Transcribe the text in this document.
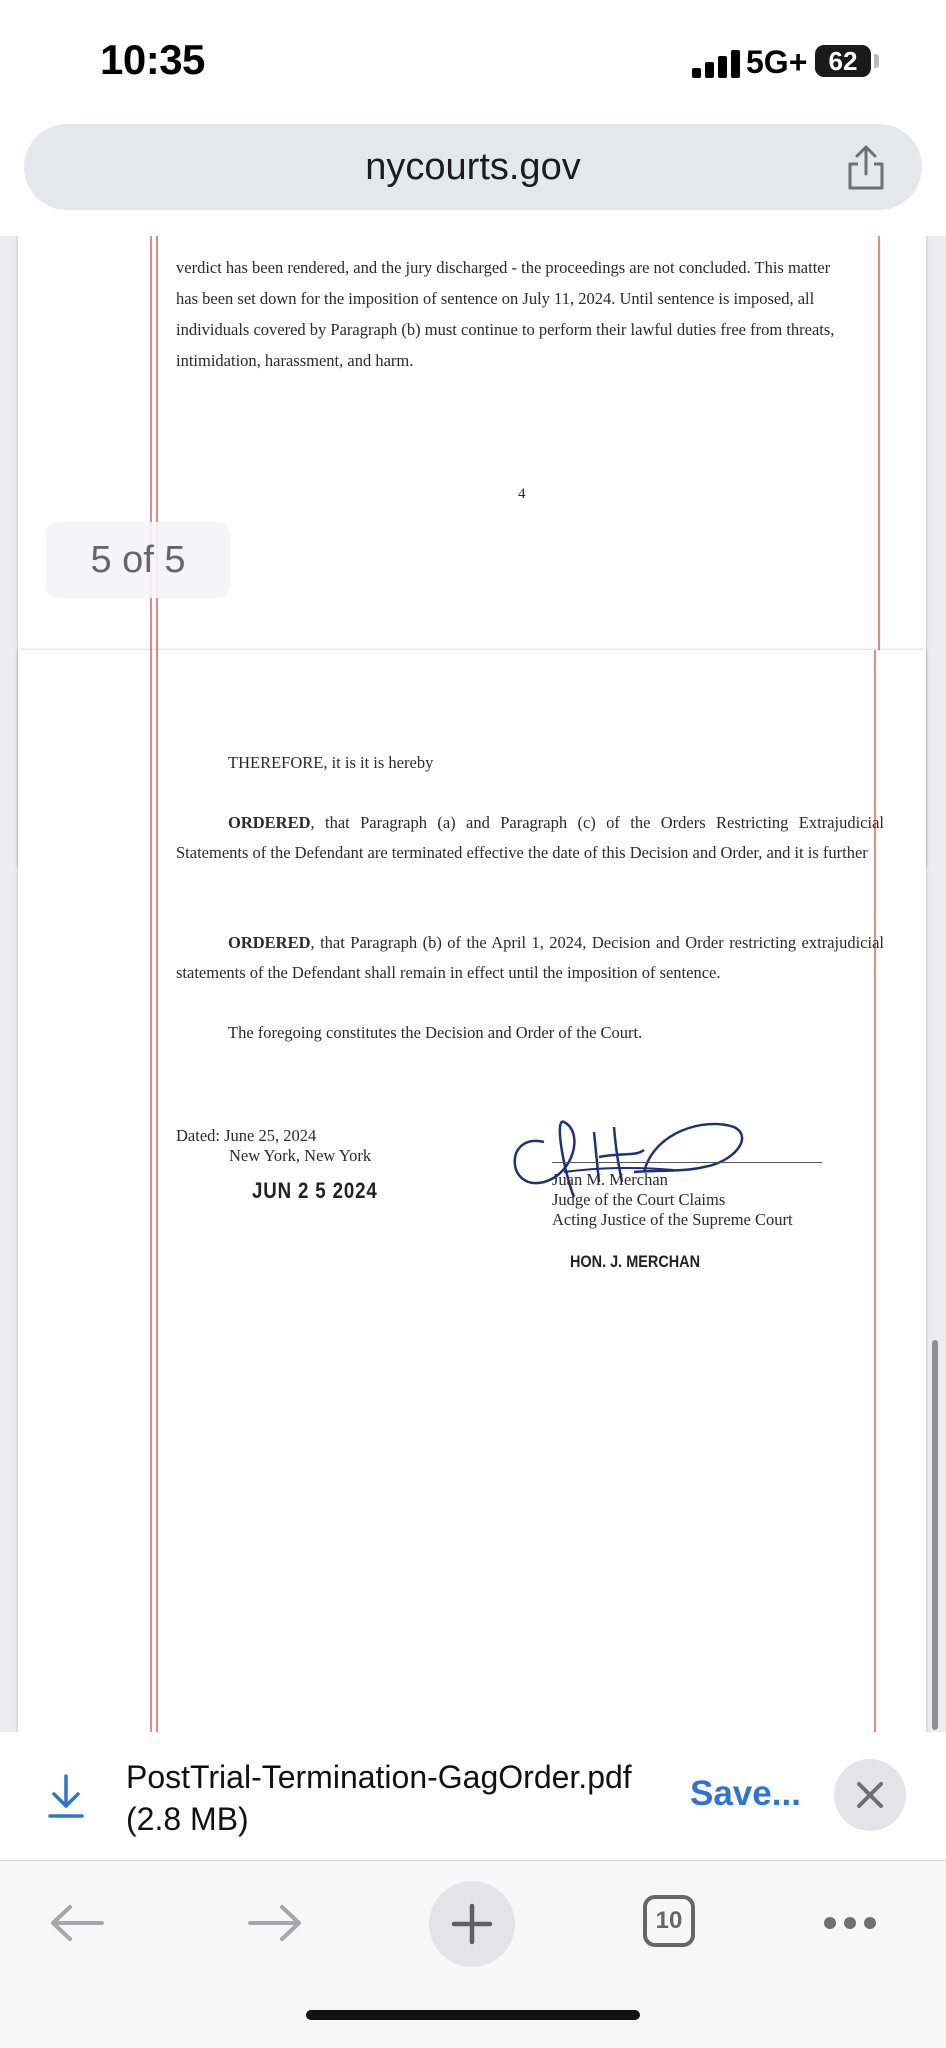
10:35	5G+ 62
nycourts.gov
verdict has been rendered, and the jury discharged - the proceedings are not concluded. This matter
has been set down for the imposition of sentence on July 11, 2024. Until sentence is imposed, all
individuals covered by Paragraph (b) must continue to perform their lawful duties free from threats,
intimidation, harassment, and harm.
4
THEREFORE, it is it is hereby
ORDERED, that Paragraph (a) and Paragraph (c) of the Orders Restricting Extrajudicial Statements of the Defendant are terminated effective the date of this Decision and Order, and it is further
ORDERED, that Paragraph (b) of the April 1, 2024, Decision and Order restricting extrajudicial statements of the Defendant shall remain in effect until the imposition of sentence.
The foregoing constitutes the Decision and Order of the Court.
Dated: June 25, 2024
New York, New York
JUN 2 5 2024	Juan M. Merchan
Judge of the Court Claims
Acting Justice of the Supreme Court
HON. J. MERCHAN
5 of 5
PostTrial-Termination-GagOrder.pdf
(2.8 MB)
Save...
10
